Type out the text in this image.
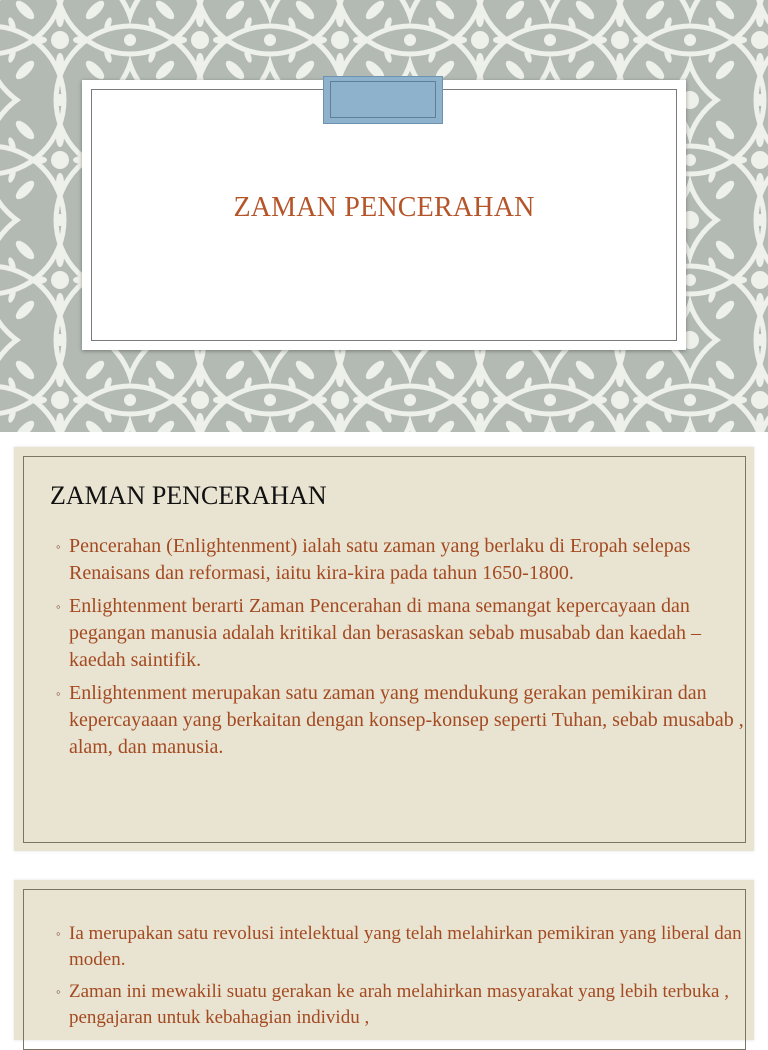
ZAMAN PENCERAHAN
ZAMAN PENCERAHAN
◦ Pencerahan (Enlightenment) ialah satu zaman yang berlaku di Eropah selepas Renaisans dan reformasi, iaitu kira-kira pada tahun 1650-1800.
◦ Enlightenment berarti Zaman Pencerahan di mana semangat kepercayaan dan pegangan manusia adalah kritikal dan berasaskan sebab musabab dan kaedah – kaedah saintifik.
◦ Enlightenment merupakan satu zaman yang mendukung gerakan pemikiran dan kepercayaaan yang berkaitan dengan konsep-konsep seperti Tuhan, sebab musabab , alam, dan manusia.
◦ Ia merupakan satu revolusi intelektual yang telah melahirkan pemikiran yang liberal dan moden.
◦ Zaman ini mewakili suatu gerakan ke arah melahirkan masyarakat yang lebih terbuka , pengajaran untuk kebahagian individu ,
